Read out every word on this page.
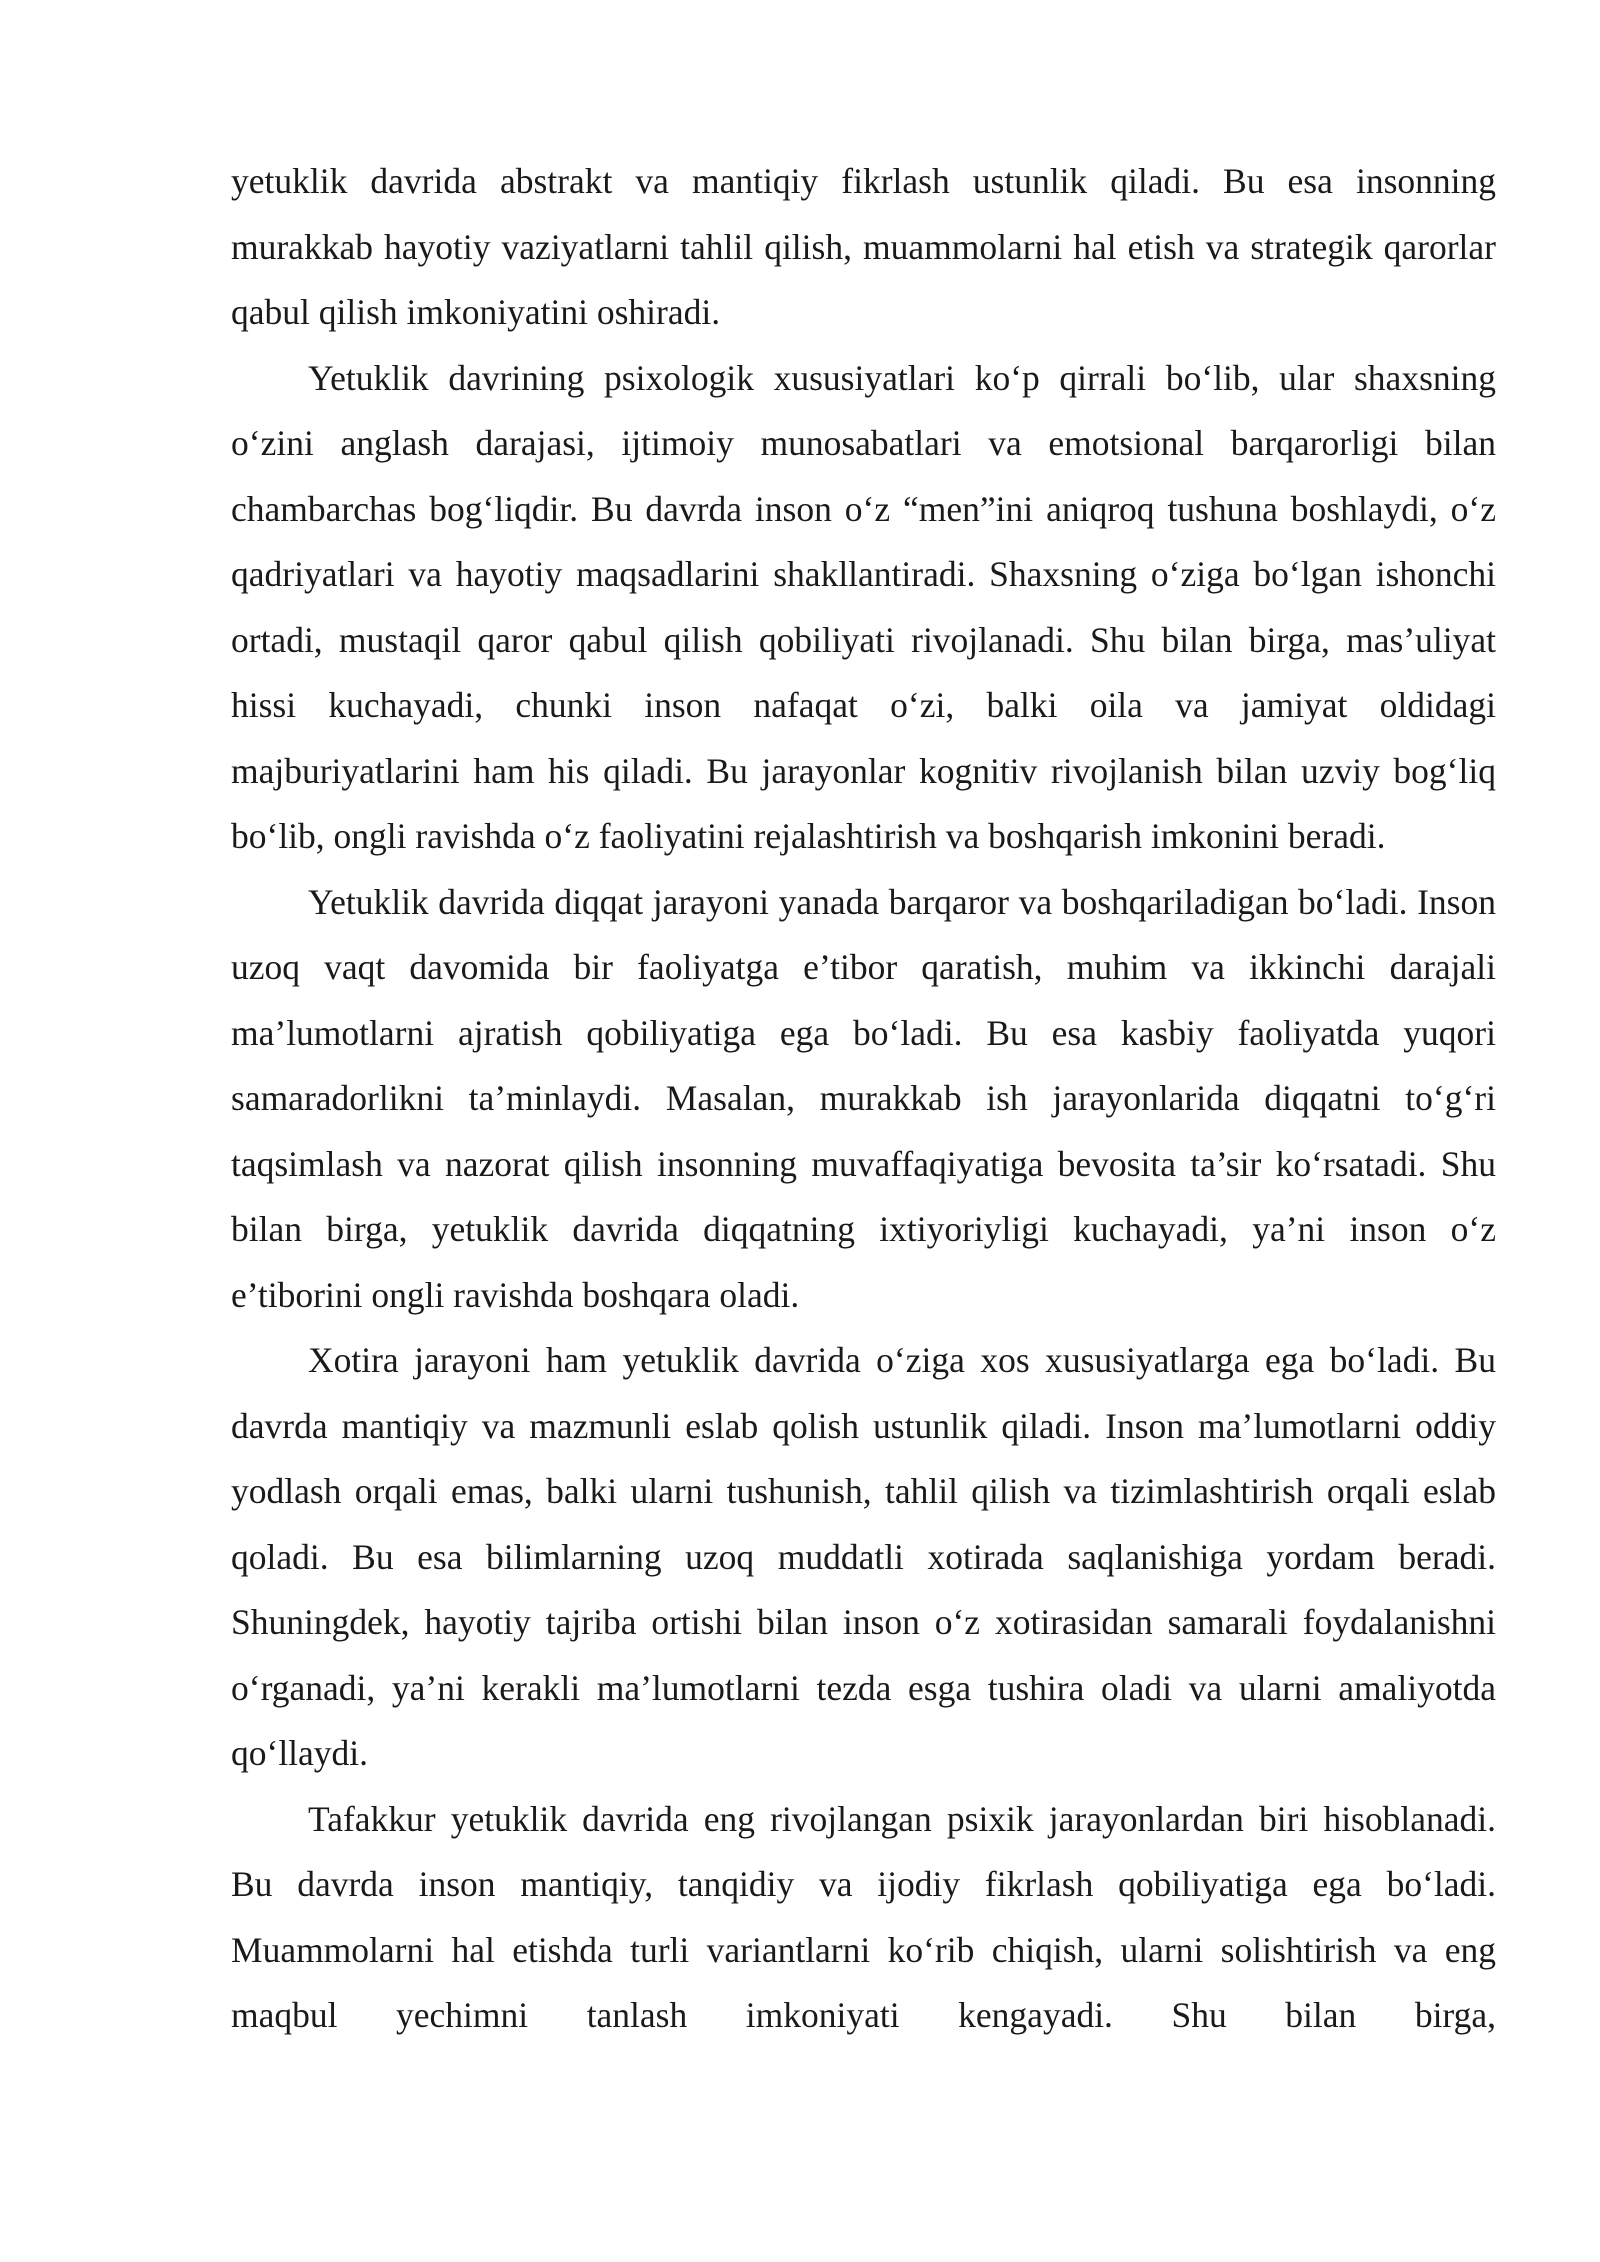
yetuklik davrida abstrakt va mantiqiy fikrlash ustunlik qiladi. Bu esa insonning murakkab hayotiy vaziyatlarni tahlil qilish, muammolarni hal etish va strategik qarorlar qabul qilish imkoniyatini oshiradi.

Yetuklik davrining psixologik xususiyatlari koʻp qirrali boʻlib, ular shaxsning oʻzini anglash darajasi, ijtimoiy munosabatlari va emotsional barqarorligi bilan chambarchas bogʻliqdir. Bu davrda inson oʻz “men”ini aniqroq tushuna boshlaydi, oʻz qadriyatlari va hayotiy maqsadlarini shakllantiradi. Shaxsning oʻziga boʻlgan ishonchi ortadi, mustaqil qaror qabul qilish qobiliyati rivojlanadi. Shu bilan birga, mas’uliyat hissi kuchayadi, chunki inson nafaqat oʻzi, balki oila va jamiyat oldidagi majburiyatlarini ham his qiladi. Bu jarayonlar kognitiv rivojlanish bilan uzviy bogʻliq boʻlib, ongli ravishda oʻz faoliyatini rejalashtirish va boshqarish imkonini beradi.

Yetuklik davrida diqqat jarayoni yanada barqaror va boshqariladigan boʻladi. Inson uzoq vaqt davomida bir faoliyatga e’tibor qaratish, muhim va ikkinchi darajali ma’lumotlarni ajratish qobiliyatiga ega boʻladi. Bu esa kasbiy faoliyatda yuqori samaradorlikni ta’minlaydi. Masalan, murakkab ish jarayonlarida diqqatni toʻgʻri taqsimlash va nazorat qilish insonning muvaffaqiyatiga bevosita ta’sir koʻrsatadi. Shu bilan birga, yetuklik davrida diqqatning ixtiyoriyligi kuchayadi, ya’ni inson oʻz e’tiborini ongli ravishda boshqara oladi.

Xotira jarayoni ham yetuklik davrida oʻziga xos xususiyatlarga ega boʻladi. Bu davrda mantiqiy va mazmunli eslab qolish ustunlik qiladi. Inson ma’lumotlarni oddiy yodlash orqali emas, balki ularni tushunish, tahlil qilish va tizimlashtirish orqali eslab qoladi. Bu esa bilimlarning uzoq muddatli xotirada saqlanishiga yordam beradi. Shuningdek, hayotiy tajriba ortishi bilan inson oʻz xotirasidan samarali foydalanishni oʻrganadi, ya’ni kerakli ma’lumotlarni tezda esga tushira oladi va ularni amaliyotda qoʻllaydi.

Tafakkur yetuklik davrida eng rivojlangan psixik jarayonlardan biri hisoblanadi. Bu davrda inson mantiqiy, tanqidiy va ijodiy fikrlash qobiliyatiga ega boʻladi. Muammolarni hal etishda turli variantlarni koʻrib chiqish, ularni solishtirish va eng maqbul yechimni tanlash imkoniyati kengayadi. Shu bilan birga,
